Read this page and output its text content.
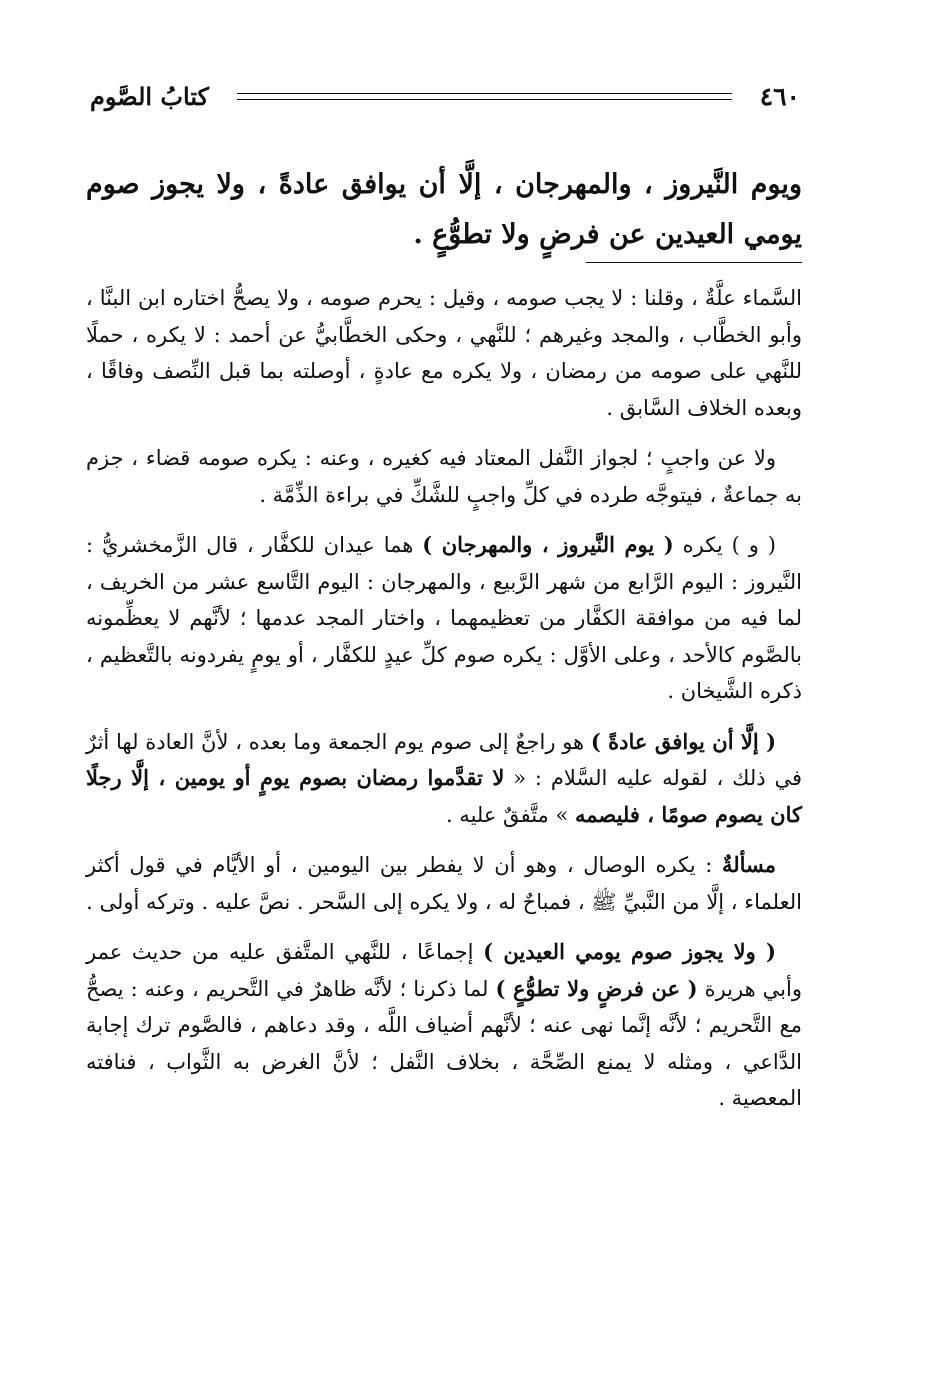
٤٦٠
كتابُ الصَّوم
ويوم النَّيروز ، والمهرجان ، إلَّا أن يوافق عادةً ، ولا يجوز صوم يومي العيدين عن فرضٍ ولا تطوُّعٍ .

السَّماء علَّةٌ ، وقلنا : لا يجب صومه ، وقيل : يحرم صومه ، ولا يصحُّ اختاره ابن البنَّا ، وأبو الخطَّاب ، والمجد وغيرهم ؛ للنَّهي ، وحكى الخطَّابيُّ عن أحمد : لا يكره ، حملًا للنَّهي على صومه من رمضان ، ولا يكره مع عادةٍ ، أوصلته بما قبل النِّصف وفاقًا ، وبعده الخلاف السَّابق .

ولا عن واجبٍ ؛ لجواز النَّفل المعتاد فيه كغيره ، وعنه : يكره صومه قضاء ، جزم به جماعةٌ ، فيتوجَّه طرده في كلِّ واجبٍ للشَّكِّ في براءة الذِّمَّة .

( و ) يكره ( يوم النَّيروز ، والمهرجان ) هما عيدان للكفَّار ، قال الزَّمخشريُّ : النَّيروز : اليوم الرَّابع من شهر الرَّبيع ، والمهرجان : اليوم التَّاسع عشر من الخريف ، لما فيه من موافقة الكفَّار من تعظيمهما ، واختار المجد عدمها ؛ لأنَّهم لا يعظِّمونه بالصَّوم كالأحد ، وعلى الأوَّل : يكره صوم كلِّ عيدٍ للكفَّار ، أو يومٍ يفردونه بالتَّعظيم ، ذكره الشَّيخان .

( إلَّا أن يوافق عادةً ) هو راجعٌ إلى صوم يوم الجمعة وما بعده ، لأنَّ العادة لها أثرٌ في ذلك ، لقوله عليه السَّلام : « لا تقدَّموا رمضان بصوم يومٍ أو يومين ، إلَّا رجلًا كان يصوم صومًا ، فليصمه » متَّفقٌ عليه .

مسألةٌ : يكره الوصال ، وهو أن لا يفطر بين اليومين ، أو الأيَّام في قول أكثر العلماء ، إلَّا من النَّبيِّ ﷺ ، فمباحٌ له ، ولا يكره إلى السَّحر . نصَّ عليه . وتركه أولى .

( ولا يجوز صوم يومي العيدين ) إجماعًا ، للنَّهي المتَّفق عليه من حديث عمر وأبي هريرة ( عن فرضٍ ولا تطوُّعٍ ) لما ذكرنا ؛ لأنَّه ظاهرٌ في التَّحريم ، وعنه : يصحُّ مع التَّحريم ؛ لأنَّه إنَّما نهى عنه ؛ لأنَّهم أضياف اللَّه ، وقد دعاهم ، فالصَّوم ترك إجابة الدَّاعي ، ومثله لا يمنع الصِّحَّة ، بخلاف النَّفل ؛ لأنَّ الغرض به الثَّواب ، فنافته المعصية .
